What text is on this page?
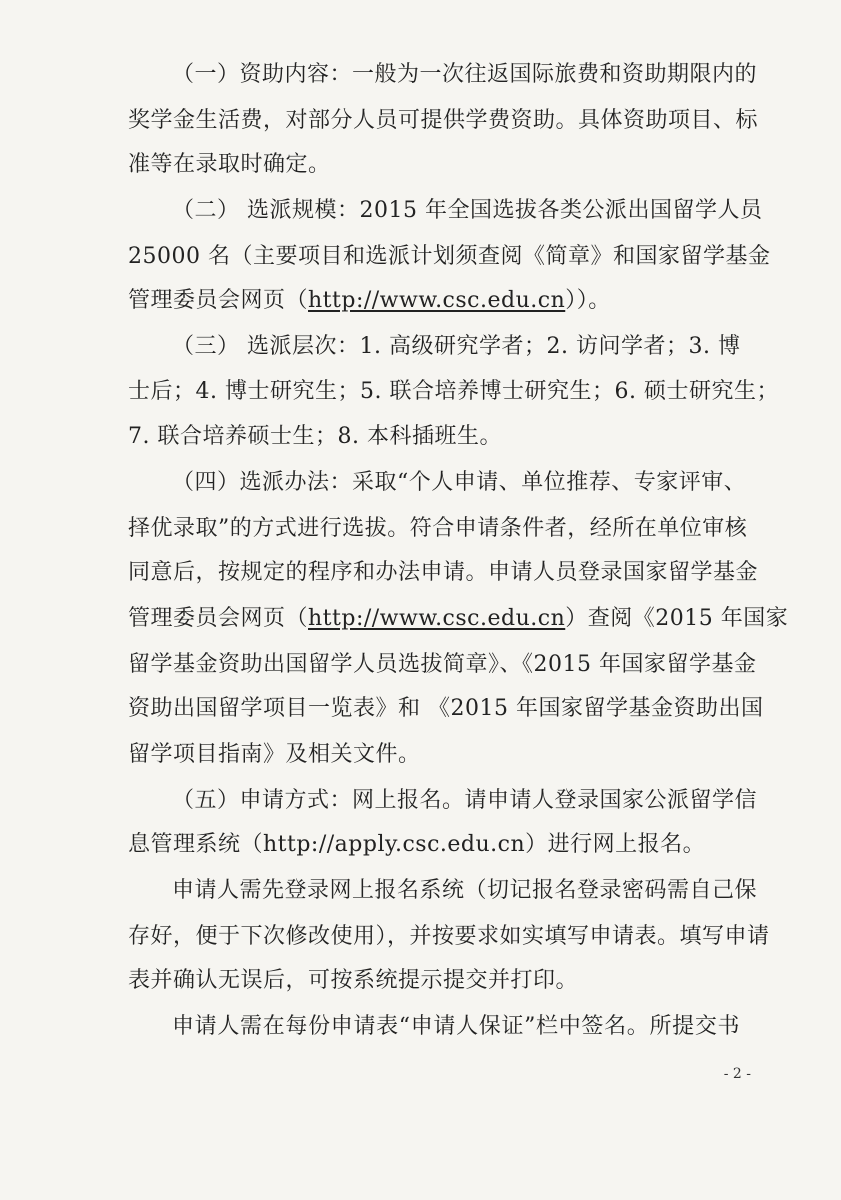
（一）资助内容：一般为一次往返国际旅费和资助期限内的
奖学金生活费，对部分人员可提供学费资助。具体资助项目、标
准等在录取时确定。
（二） 选派规模：2015 年全国选拔各类公派出国留学人员
25000 名（主要项目和选派计划须查阅《简章》和国家留学基金
管理委员会网页（http://www.csc.edu.cn））。
（三） 选派层次：1. 高级研究学者；2. 访问学者；3. 博
士后；4. 博士研究生；5. 联合培养博士研究生；6. 硕士研究生；
7. 联合培养硕士生；8. 本科插班生。
（四）选派办法：采取“个人申请、单位推荐、专家评审、
择优录取”的方式进行选拔。符合申请条件者，经所在单位审核
同意后，按规定的程序和办法申请。申请人员登录国家留学基金
管理委员会网页（http://www.csc.edu.cn）查阅《2015 年国家
留学基金资助出国留学人员选拔简章》、《2015 年国家留学基金
资助出国留学项目一览表》和 《2015 年国家留学基金资助出国
留学项目指南》及相关文件。
（五）申请方式：网上报名。请申请人登录国家公派留学信
息管理系统（http://apply.csc.edu.cn）进行网上报名。
申请人需先登录网上报名系统（切记报名登录密码需自己保
存好，便于下次修改使用），并按要求如实填写申请表。填写申请
表并确认无误后，可按系统提示提交并打印。
申请人需在每份申请表“申请人保证”栏中签名。所提交书
- 2 -
